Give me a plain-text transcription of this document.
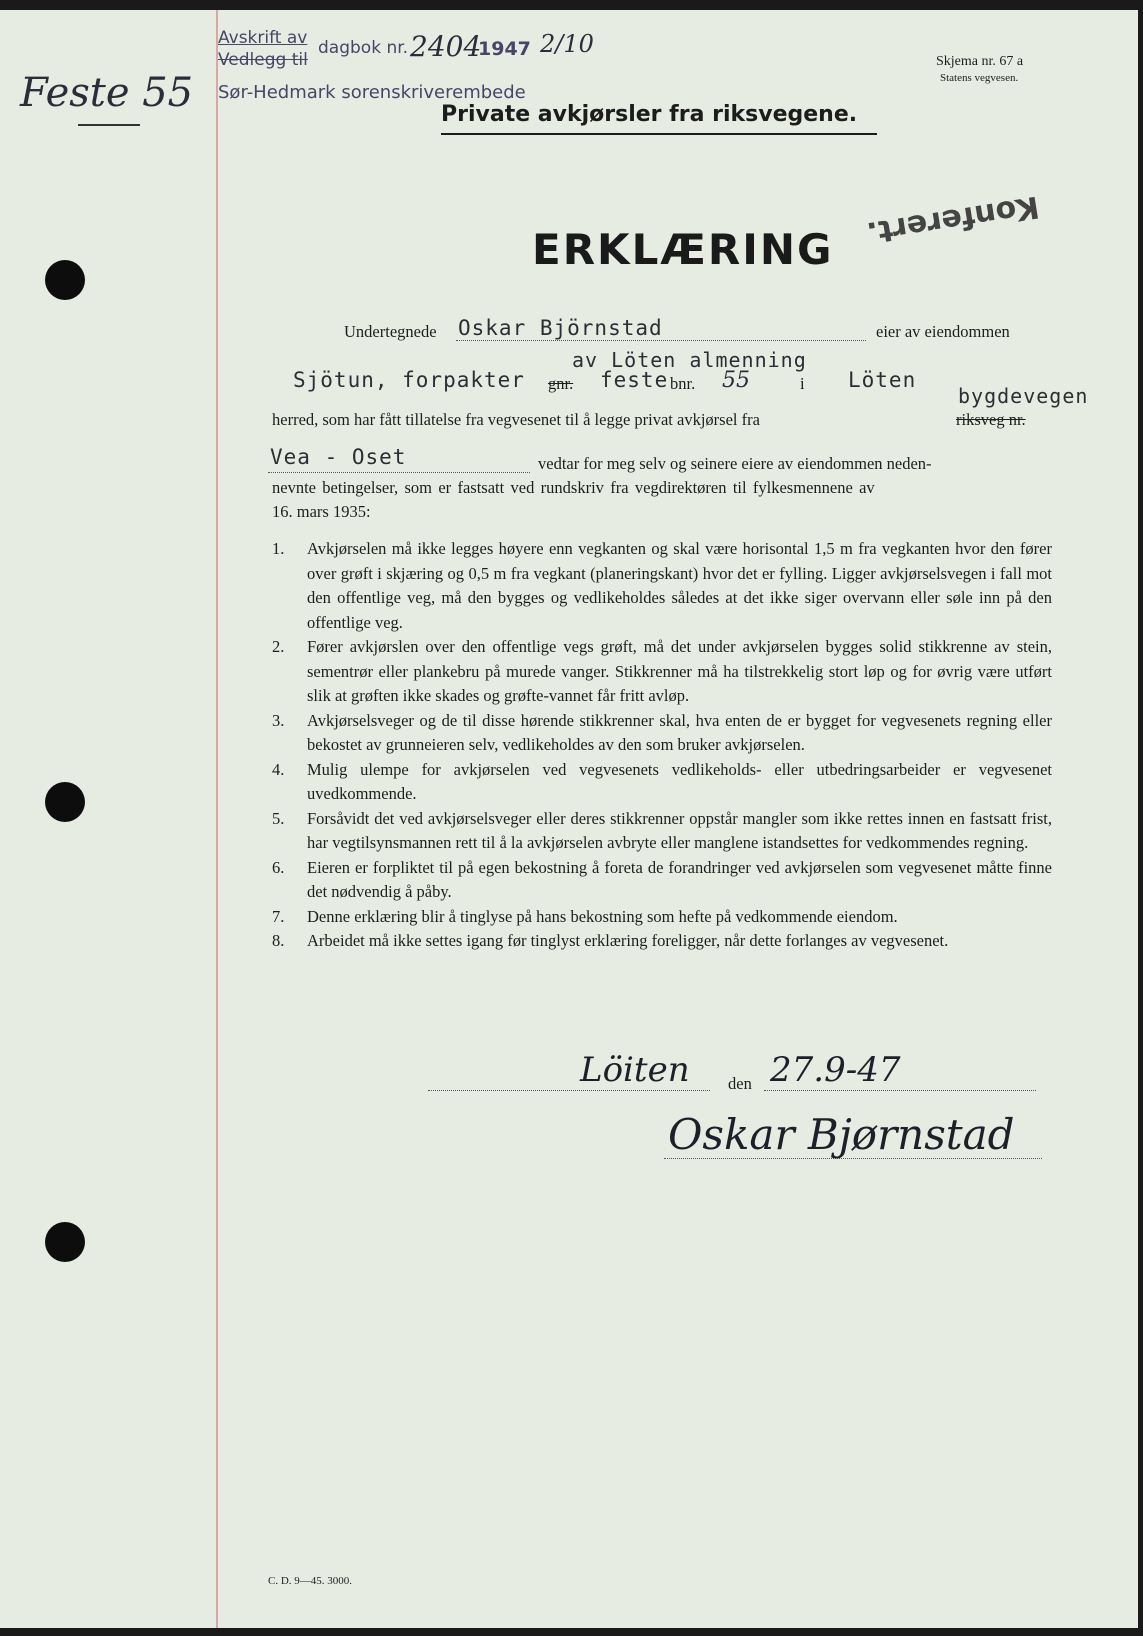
Feste 55
Avskrift av
Vedlegg til
dagbok nr. 2404
1947 2/10
Sør-Hedmark sorenskriverembede
Skjema nr. 67 a
Statens vegvesen.
Private avkjørsler fra riksvegene.
Konferert.
ERKLÆRING
Undertegnede Oskar Björnstad	eier av eiendommen
av Löten almenning
Sjötun, forpakter gnr. feste bnr. 55	i Löten
bygdevegen
herred, som har fått tillatelse fra vegvesenet til å legge privat avkjørsel fra	riksveg nr.
Vea - Oset	vedtar for meg selv og seinere eiere av eiendommen neden-
nevnte betingelser, som er fastsatt ved rundskriv fra vegdirektøren til fylkesmennene av
16. mars 1935:
1. Avkjørselen må ikke legges høyere enn vegkanten og skal være horisontal 1,5 m fra vegkanten hvor den fører over grøft i skjæring og 0,5 m fra vegkant (planeringskant) hvor det er fylling. Ligger avkjørselsvegen i fall mot den offentlige veg, må den bygges og vedlikeholdes således at det ikke siger overvann eller søle inn på den offentlige veg.
2. Fører avkjørslen over den offentlige vegs grøft, må det under avkjørselen bygges solid stikkrenne av stein, sementrør eller plankebru på murede vanger. Stikkrenner må ha tilstrekkelig stort løp og for øvrig være utført slik at grøften ikke skades og grøfte-vannet får fritt avløp.
3. Avkjørselsveger og de til disse hørende stikkrenner skal, hva enten de er bygget for vegvesenets regning eller bekostet av grunneieren selv, vedlikeholdes av den som bruker avkjørselen.
4. Mulig ulempe for avkjørselen ved vegvesenets vedlikeholds- eller utbedringsarbeider er vegvesenet uvedkommende.
5. Forsåvidt det ved avkjørselsveger eller deres stikkrenner oppstår mangler som ikke rettes innen en fastsatt frist, har vegtilsynsmannen rett til å la avkjørselen avbryte eller manglene istandsettes for vedkommendes regning.
6. Eieren er forpliktet til på egen bekostning å foreta de forandringer ved avkjørselen som vegvesenet måtte finne det nødvendig å påby.
7. Denne erklæring blir å tinglyse på hans bekostning som hefte på vedkommende eiendom.
8. Arbeidet må ikke settes igang før tinglyst erklæring foreligger, når dette forlanges av vegvesenet.
Löiten den 27.9-47
Oskar Bjørnstad
C. D. 9—45. 3000.
